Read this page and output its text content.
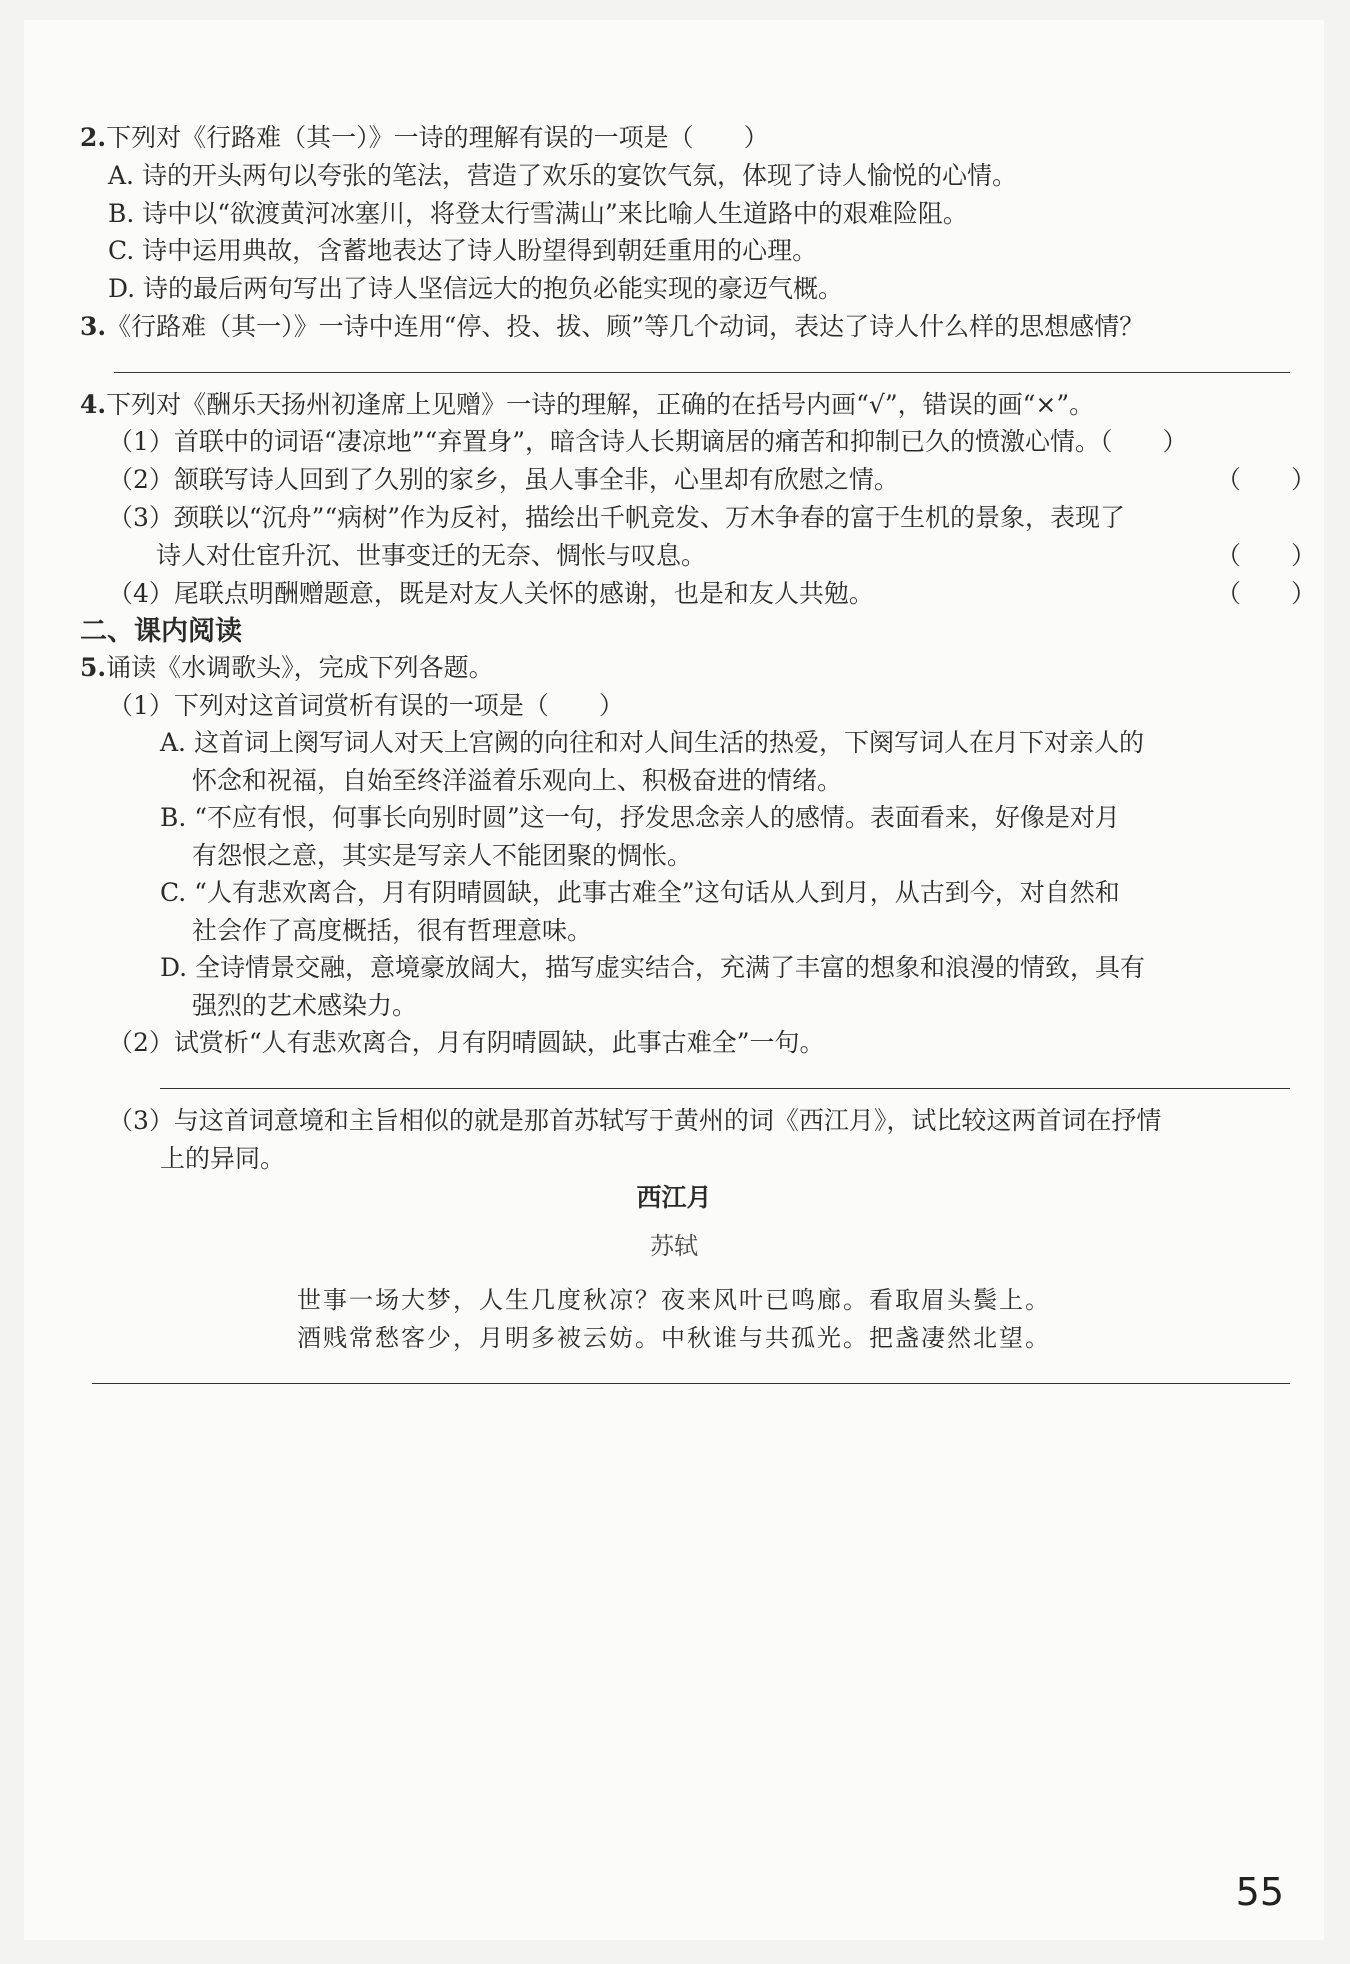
2.下列对《行路难（其一）》一诗的理解有误的一项是（　　）
A. 诗的开头两句以夸张的笔法，营造了欢乐的宴饮气氛，体现了诗人愉悦的心情。
B. 诗中以“欲渡黄河冰塞川，将登太行雪满山”来比喻人生道路中的艰难险阻。
C. 诗中运用典故，含蓄地表达了诗人盼望得到朝廷重用的心理。
D. 诗的最后两句写出了诗人坚信远大的抱负必能实现的豪迈气概。
3.《行路难（其一）》一诗中连用“停、投、拔、顾”等几个动词，表达了诗人什么样的思想感情？
4.下列对《酬乐天扬州初逢席上见赠》一诗的理解，正确的在括号内画“√”，错误的画“×”。
（1）首联中的词语“凄凉地”“弃置身”，暗含诗人长期谪居的痛苦和抑制已久的愤激心情。（　　）
（2）颔联写诗人回到了久别的家乡，虽人事全非，心里却有欣慰之情。	（　　）
（3）颈联以“沉舟”“病树”作为反衬，描绘出千帆竞发、万木争春的富于生机的景象，表现了
诗人对仕宦升沉、世事变迁的无奈、惆怅与叹息。	（　　）
（4）尾联点明酬赠题意，既是对友人关怀的感谢，也是和友人共勉。	（　　）
二、课内阅读
5.诵读《水调歌头》，完成下列各题。
（1）下列对这首词赏析有误的一项是（　　）
A. 这首词上阕写词人对天上宫阙的向往和对人间生活的热爱，下阕写词人在月下对亲人的
怀念和祝福，自始至终洋溢着乐观向上、积极奋进的情绪。
B. “不应有恨，何事长向别时圆”这一句，抒发思念亲人的感情。表面看来，好像是对月
有怨恨之意，其实是写亲人不能团聚的惆怅。
C. “人有悲欢离合，月有阴晴圆缺，此事古难全”这句话从人到月，从古到今，对自然和
社会作了高度概括，很有哲理意味。
D. 全诗情景交融，意境豪放阔大，描写虚实结合，充满了丰富的想象和浪漫的情致，具有
强烈的艺术感染力。
（2）试赏析“人有悲欢离合，月有阴晴圆缺，此事古难全”一句。
（3）与这首词意境和主旨相似的就是那首苏轼写于黄州的词《西江月》，试比较这两首词在抒情
上的异同。
西江月
苏轼
世事一场大梦，人生几度秋凉？夜来风叶已鸣廊。看取眉头鬓上。
酒贱常愁客少，月明多被云妨。中秋谁与共孤光。把盏凄然北望。
55
